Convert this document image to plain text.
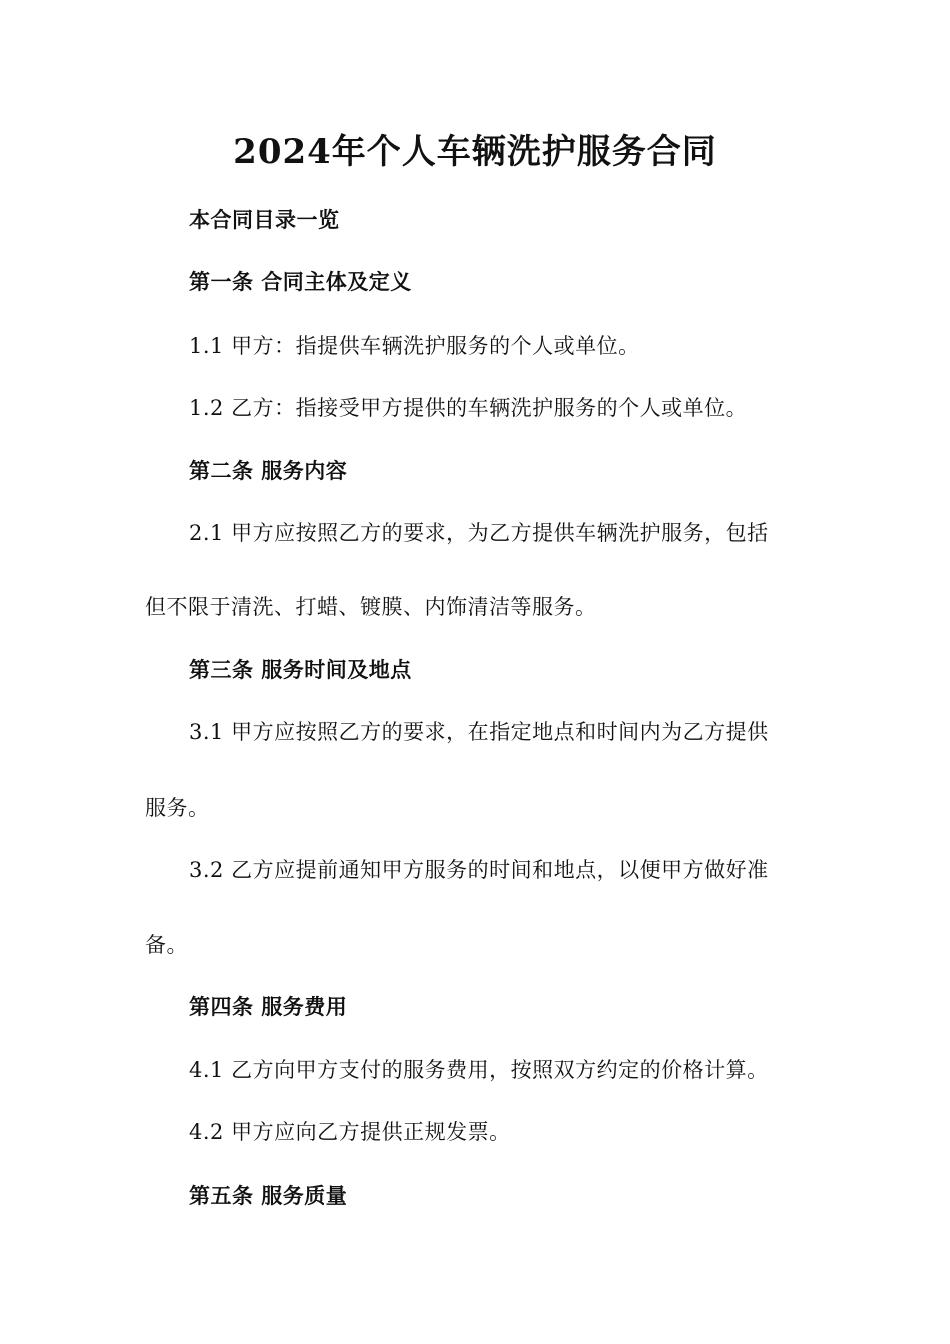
2024年个人车辆洗护服务合同
本合同目录一览
第一条 合同主体及定义
1.1 甲方：指提供车辆洗护服务的个人或单位。
1.2 乙方：指接受甲方提供的车辆洗护服务的个人或单位。
第二条 服务内容
2.1 甲方应按照乙方的要求，为乙方提供车辆洗护服务，包括
但不限于清洗、打蜡、镀膜、内饰清洁等服务。
第三条 服务时间及地点
3.1 甲方应按照乙方的要求，在指定地点和时间内为乙方提供
服务。
3.2 乙方应提前通知甲方服务的时间和地点，以便甲方做好准
备。
第四条 服务费用
4.1 乙方向甲方支付的服务费用，按照双方约定的价格计算。
4.2 甲方应向乙方提供正规发票。
第五条 服务质量
